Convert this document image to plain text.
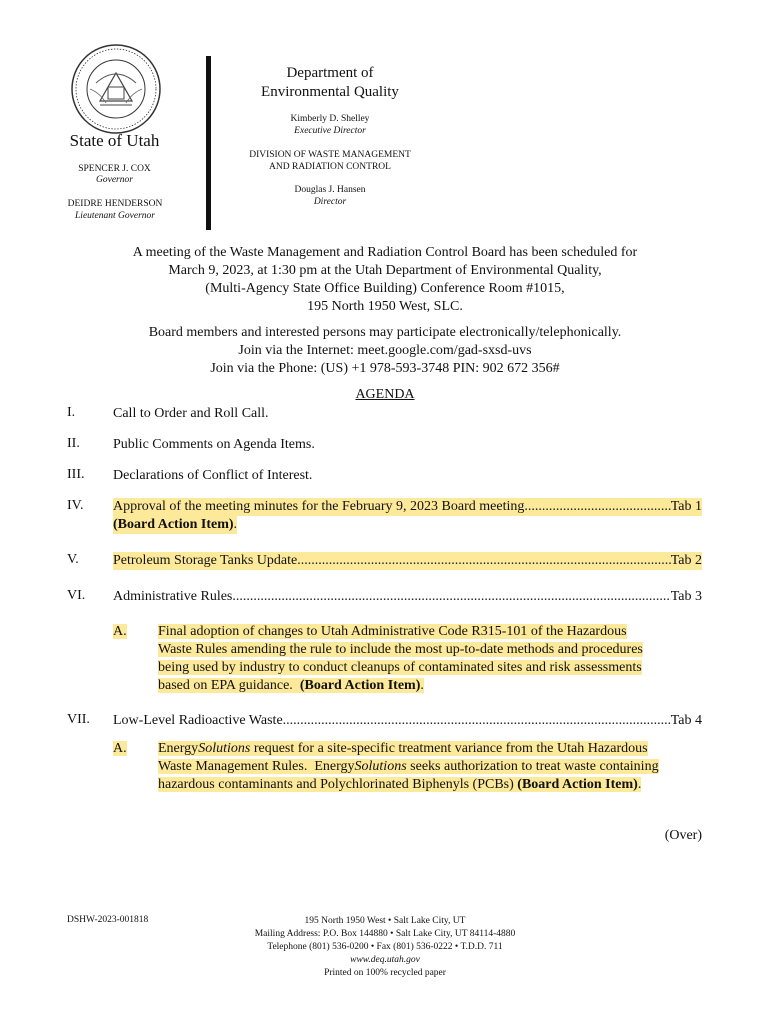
State of Utah
SPENCER J. COX
Governor
DEIDRE HENDERSON
Lieutenant Governor
Department of
Environmental Quality
Kimberly D. Shelley
Executive Director
DIVISION OF WASTE MANAGEMENT
AND RADIATION CONTROL
Douglas J. Hansen
Director
A meeting of the Waste Management and Radiation Control Board has been scheduled for
March 9, 2023, at 1:30 pm at the Utah Department of Environmental Quality,
(Multi-Agency State Office Building) Conference Room #1015,
195 North 1950 West, SLC.
Board members and interested persons may participate electronically/telephonically.
Join via the Internet: meet.google.com/gad-sxsd-uvs
Join via the Phone: (US) +1 978-593-3748 PIN: 902 672 356#
AGENDA
I.	Call to Order and Roll Call.
II. Public Comments on Agenda Items.
III. Declarations of Conflict of Interest.
IV. Approval of the meeting minutes for the February 9, 2023 Board meeting .....	Tab 1
(Board Action Item).
V. Petroleum Storage Tanks Update .....	Tab 2
VI. Administrative Rules .....	Tab 3
A. Final adoption of changes to Utah Administrative Code R315-101 of the Hazardous
Waste Rules amending the rule to include the most up-to-date methods and procedures
being used by industry to conduct cleanups of contaminated sites and risk assessments
based on EPA guidance.  (Board Action Item).
VII. Low-Level Radioactive Waste .....	Tab 4
A. EnergySolutions request for a site-specific treatment variance from the Utah Hazardous
Waste Management Rules.  EnergySolutions seeks authorization to treat waste containing
hazardous contaminants and Polychlorinated Biphenyls (PCBs) (Board Action Item).
(Over)
DSHW-2023-001818	195 North 1950 West • Salt Lake City, UT
Mailing Address: P.O. Box 144880 • Salt Lake City, UT 84114-4880
Telephone (801) 536-0200 • Fax (801) 536-0222 • T.D.D. 711
www.deq.utah.gov
Printed on 100% recycled paper
